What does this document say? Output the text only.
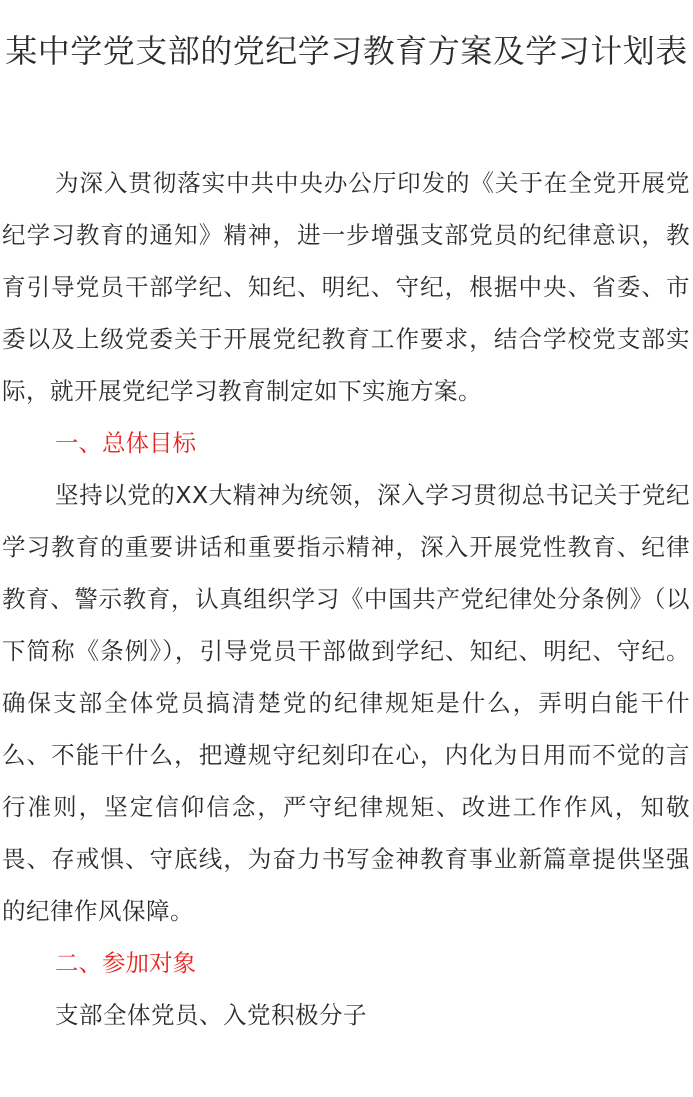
某中学党支部的党纪学习教育方案及学习计划表

为深入贯彻落实中共中央办公厅印发的《关于在全党开展党纪学习教育的通知》精神，进一步增强支部党员的纪律意识，教育引导党员干部学纪、知纪、明纪、守纪，根据中央、省委、市委以及上级党委关于开展党纪教育工作要求，结合学校党支部实际，就开展党纪学习教育制定如下实施方案。

一、总体目标

坚持以党的XX大精神为统领，深入学习贯彻总书记关于党纪学习教育的重要讲话和重要指示精神，深入开展党性教育、纪律教育、警示教育，认真组织学习《中国共产党纪律处分条例》（以下简称《条例》），引导党员干部做到学纪、知纪、明纪、守纪。确保支部全体党员搞清楚党的纪律规矩是什么，弄明白能干什么、不能干什么，把遵规守纪刻印在心，内化为日用而不觉的言行准则，坚定信仰信念，严守纪律规矩、改进工作作风，知敬畏、存戒惧、守底线，为奋力书写金神教育事业新篇章提供坚强的纪律作风保障。

二、参加对象

支部全体党员、入党积极分子
